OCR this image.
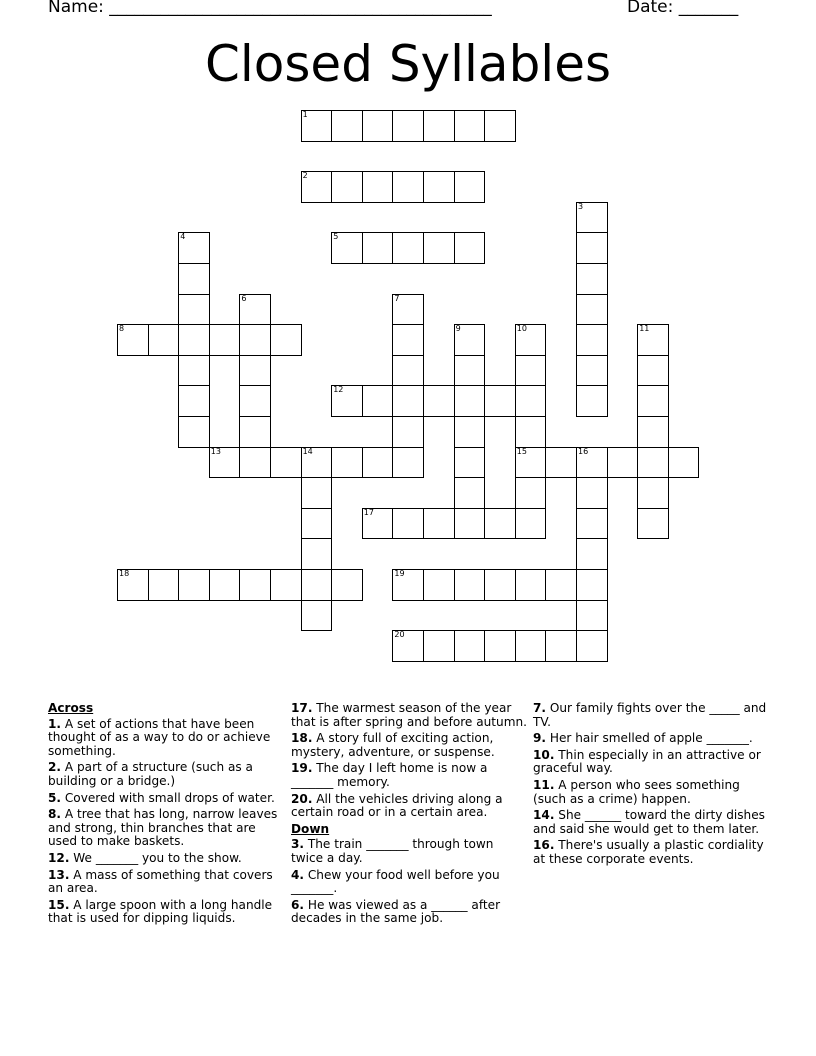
Name: _____________________________________________	Date: _______
Closed Syllables
1
2
3
4	5
6	7
8	9	10
15
11
12
13	14	16
17
18	19
20
Across
1. A set of actions that have been thought of as a way to do or achieve something.
2. A part of a structure (such as a building or a bridge.)
5. Covered with small drops of water.
8. A tree that has long, narrow leaves and strong, thin branches that are used to make baskets.
12. We _______ you to the show.
13. A mass of something that covers an area.
15. A large spoon with a long handle that is used for dipping liquids.
17. The warmest season of the year that is after spring and before autumn.
18. A story full of exciting action, mystery, adventure, or suspense.
19. The day I left home is now a _______ memory.
20. All the vehicles driving along a certain road or in a certain area.
Down
3. The train _______ through town twice a day.
4. Chew your food well before you _______.
6. He was viewed as a ______ after decades in the same job.
7. Our family fights over the _____ and TV.
9. Her hair smelled of apple _______.
10. Thin especially in an attractive or graceful way.
11. A person who sees something (such as a crime) happen.
14. She ______ toward the dirty dishes and said she would get to them later.
16. There's usually a plastic cordiality at these corporate events.
